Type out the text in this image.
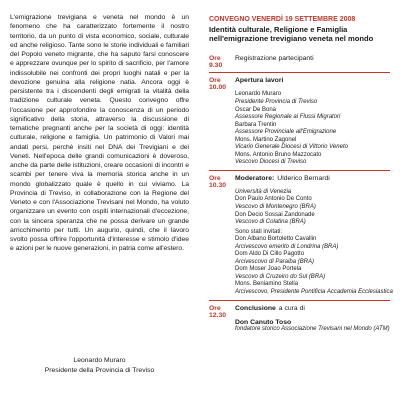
L'emigrazione trevigiana e veneta nel mondo è un fenomeno che ha caratterizzato fortemente il nostro territorio, da un punto di vista economico, sociale, culturale ed anche religioso. Tante sono le storie individuali e familiari del Popolo veneto migrante, che ha saputo farsi conoscere e apprezzare ovunque per lo spirito di sacrificio, per l'amore indissolubile nei confronti dei propri luoghi natali e per la devozione genuina alla religione natia. Ancora oggi è persistente tra i discendenti degli emigrati la vitalità della tradizione culturale veneta. Questo convegno offre l'occasione per approfondire la conoscenza di un periodo significativo della storia, attraverso la discussione di tematiche pregnanti anche per la società di oggi: identità culturale, religione e famiglia. Un patrimonio di Valori mai andati persi, perchè insiti nel DNA dei Trevigiani e dei Veneti. Nell'epoca delle grandi comunicazioni è doveroso, anche da parte delle istituzioni, creare occasioni di incontri e scambi per tenere viva la memoria storica anche in un mondo globalizzato quale è quello in cui viviamo. La Provincia di Treviso, in collaborazione con la Regione del Veneto e con l'Associazione Trevisani nel Mondo, ha voluto organizzare un evento con ospiti internazionali d'eccezione, con la sincera speranza che ne possa derivare un grande arricchimento per tutti. Un augurio, quindi, che il lavoro svolto possa offrire l'opportunità d'interesse e stimolo d'idee e azioni per le nuove generazioni, in patria come all'estero.

Leonardo Muraro
Presidente della Provincia di Treviso
CONVEGNO VENERDÌ 19 SETTEMBRE 2008
Identità culturale, Religione e Famiglia nell'emigrazione trevigiano veneta nel mondo
Ore 9.30
Registrazione partecipanti
Ore 10.00
Apertura lavori
Leonardo Muraro
Presidente Provincia di Treviso
Oscar De Bona
Assessore Regionale ai Flussi Migratori
Barbara Trentin
Assessore Provinciale all'Emigrazione
Mons. Martino Zagonel
Vicario Generale Diocesi di Vittorio Veneto
Mons. Antonio Bruno Mazzocato
Vescovo Diocesi di Treviso
Ore 10.30
Moderatore: Ulderico Bernardi
Università di Venezia
Don Paulo Antonio De Conto
Vescovo di Montenegro (BRA)
Don Decio Sossai Zandonade
Vescovo di Colatina (BRA)
Sono stati invitati:
Don Albano Bortoletto Cavallin
Arcivescovo emerito di Londrina (BRA)
Dom Aldo Di Cillo Pagotto
Arcivescovo di Paraiba (BRA)
Dom Moser Joao Portela
Vescovo di Cruzeiro do Sul (BRA)
Mons. Beniamino Stella
Arcivescovo, Presidente Pontificia Accademia Ecclesiastica
Ore 12.30
Conclusione a cura di
Don Canuto Toso
fondatore storico Associazione Trevisani nel Mondo (ATM)
